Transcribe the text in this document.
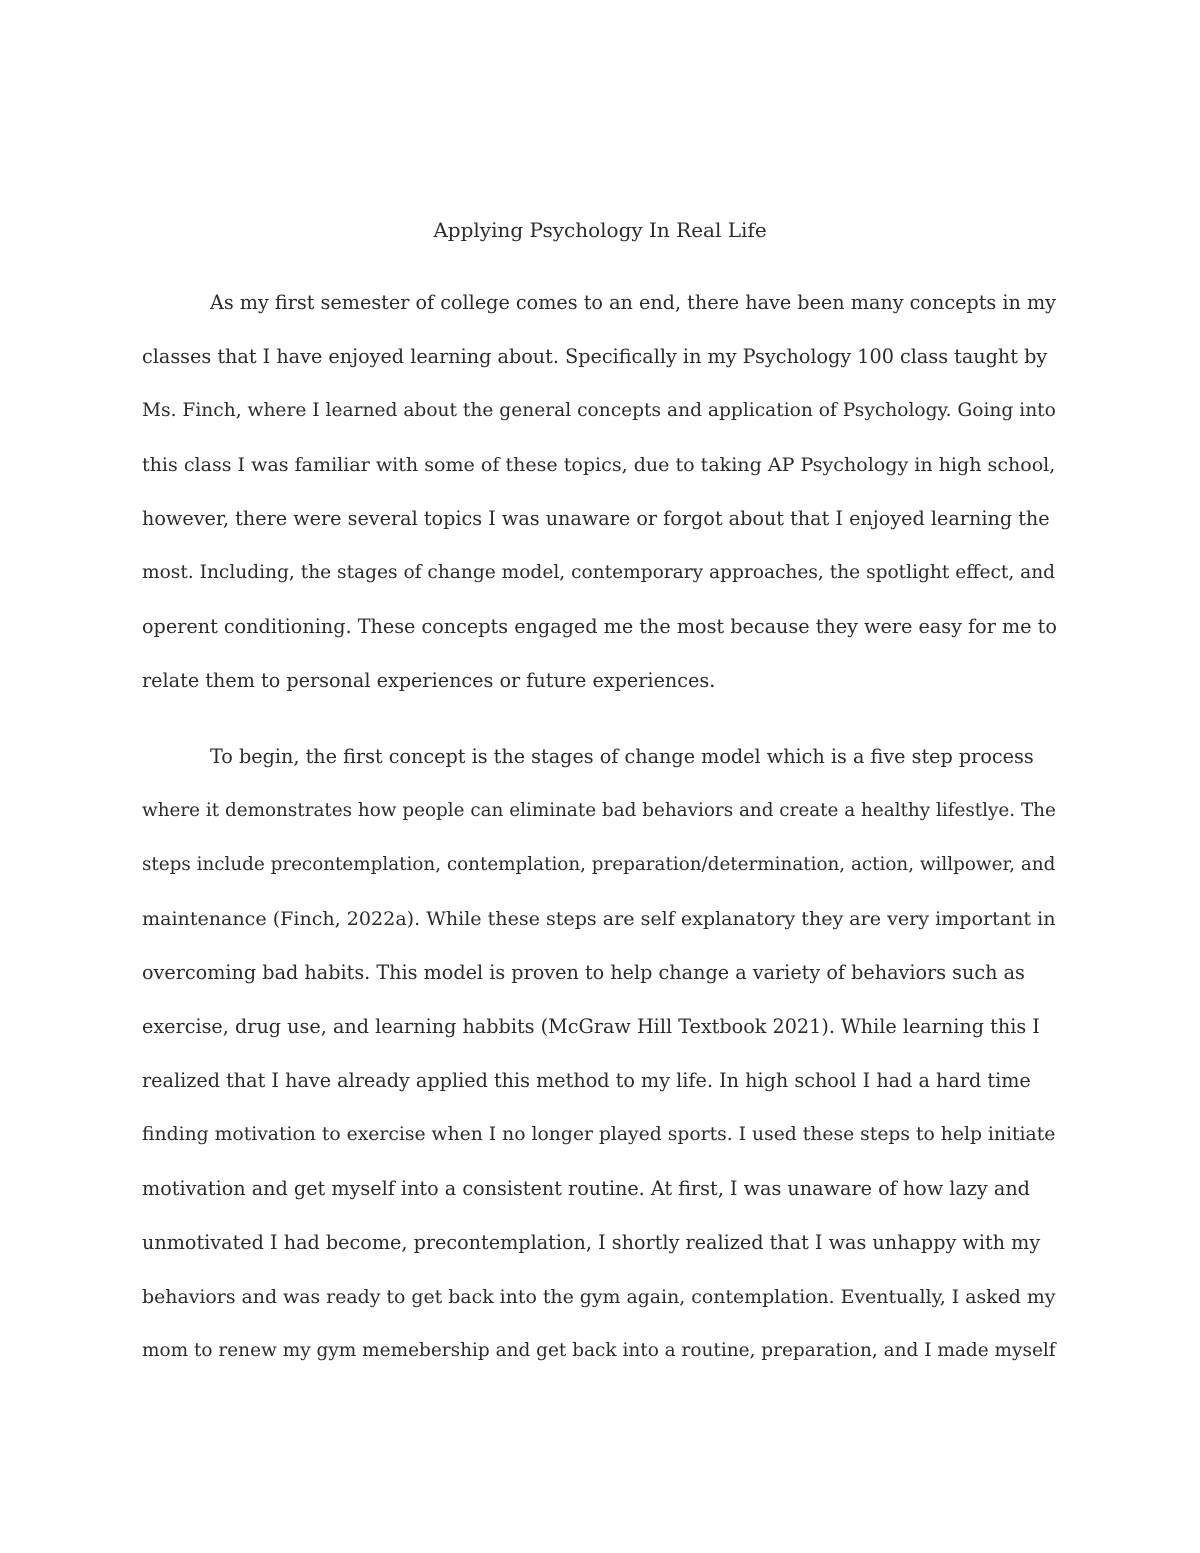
Applying Psychology In Real Life
As my first semester of college comes to an end, there have been many concepts in my
classes that I have enjoyed learning about. Specifically in my Psychology 100 class taught by
Ms. Finch, where I learned about the general concepts and application of Psychology. Going into
this class I was familiar with some of these topics, due to taking AP Psychology in high school,
however, there were several topics I was unaware or forgot about that I enjoyed learning the
most. Including, the stages of change model, contemporary approaches, the spotlight effect, and
operent conditioning. These concepts engaged me the most because they were easy for me to
relate them to personal experiences or future experiences.
To begin, the first concept is the stages of change model which is a five step process
where it demonstrates how people can eliminate bad behaviors and create a healthy lifestlye. The
steps include precontemplation, contemplation, preparation/determination, action, willpower, and
maintenance (Finch, 2022a). While these steps are self explanatory they are very important in
overcoming bad habits. This model is proven to help change a variety of behaviors such as
exercise, drug use, and learning habbits (McGraw Hill Textbook 2021). While learning this I
realized that I have already applied this method to my life. In high school I had a hard time
finding motivation to exercise when I no longer played sports. I used these steps to help initiate
motivation and get myself into a consistent routine. At first, I was unaware of how lazy and
unmotivated I had become, precontemplation, I shortly realized that I was unhappy with my
behaviors and was ready to get back into the gym again, contemplation. Eventually, I asked my
mom to renew my gym memebership and get back into a routine, preparation, and I made myself
